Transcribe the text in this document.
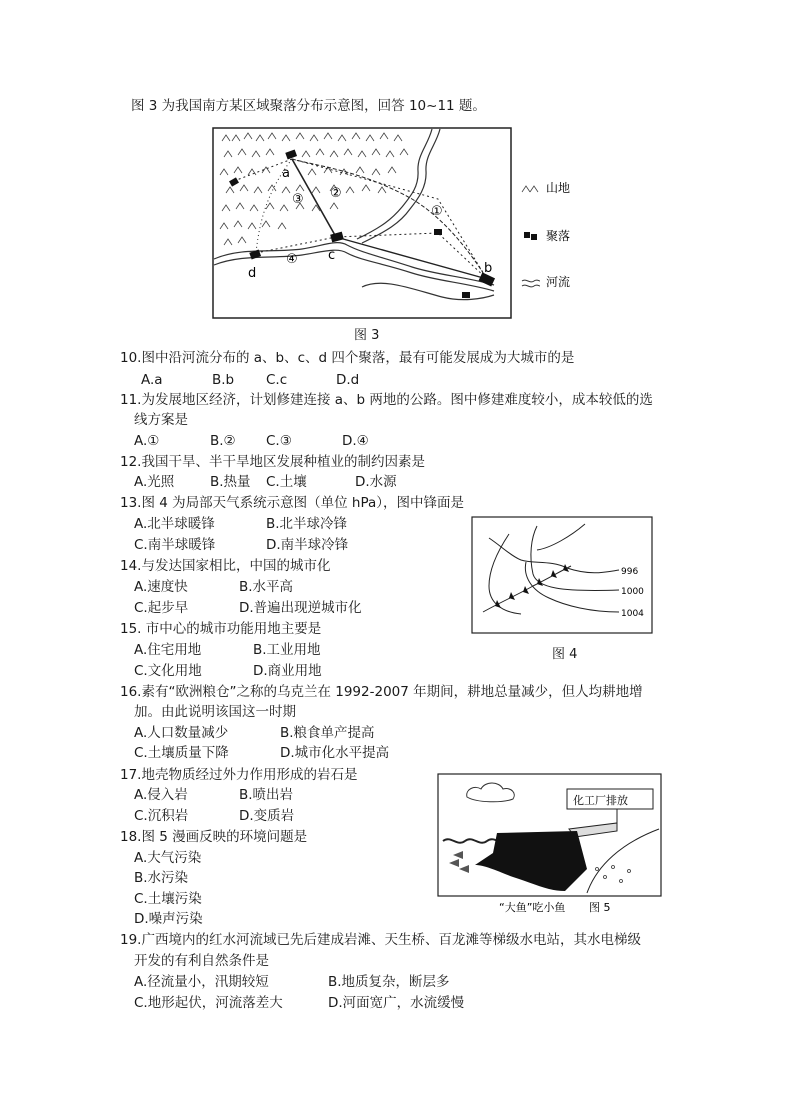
图 3 为我国南方某区域聚落分布示意图，回答 10~11 题。
a
c
d	b
①
②
③
④
山地
聚落
河流
图 3
10.图中沿河流分布的 a、b、c、d 四个聚落，最有可能发展成为大城市的是
A.a	B.b C.c	D.d
11.为发展地区经济，计划修建连接 a、b 两地的公路。图中修建难度较小，成本较低的选
线方案是
A.①	B.② C.③	D.④
12.我国干旱、半干旱地区发展种植业的制约因素是
A.光照	B.热量 C.土壤	D.水源
13.图 4 为局部天气系统示意图（单位 hPa），图中锋面是
A.北半球暖锋	B.北半球冷锋
C.南半球暖锋	D.南半球冷锋
14.与发达国家相比，中国的城市化
A.速度快	B.水平高
C.起步早	D.普遍出现逆城市化
15. 市中心的城市功能用地主要是
A.住宅用地	B.工业用地
C.文化用地	D.商业用地
996
1000
1004
图 4
16.素有“欧洲粮仓”之称的乌克兰在 1992-2007 年期间，耕地总量减少，但人均耕地增
加。由此说明该国这一时期
A.人口数量减少	B.粮食单产提高
C.土壤质量下降	D.城市化水平提高
17.地壳物质经过外力作用形成的岩石是
A.侵入岩	B.喷出岩
C.沉积岩	D.变质岩
18.图 5 漫画反映的环境问题是
A.大气污染
B.水污染
C.土壤污染
D.噪声污染
化工厂排放
“大鱼”吃小鱼 图 5
19.广西境内的红水河流域已先后建成岩滩、天生桥、百龙滩等梯级水电站，其水电梯级
开发的有利自然条件是
A.径流量小，汛期较短	B.地质复杂，断层多
C.地形起伏，河流落差大	D.河面宽广，水流缓慢
